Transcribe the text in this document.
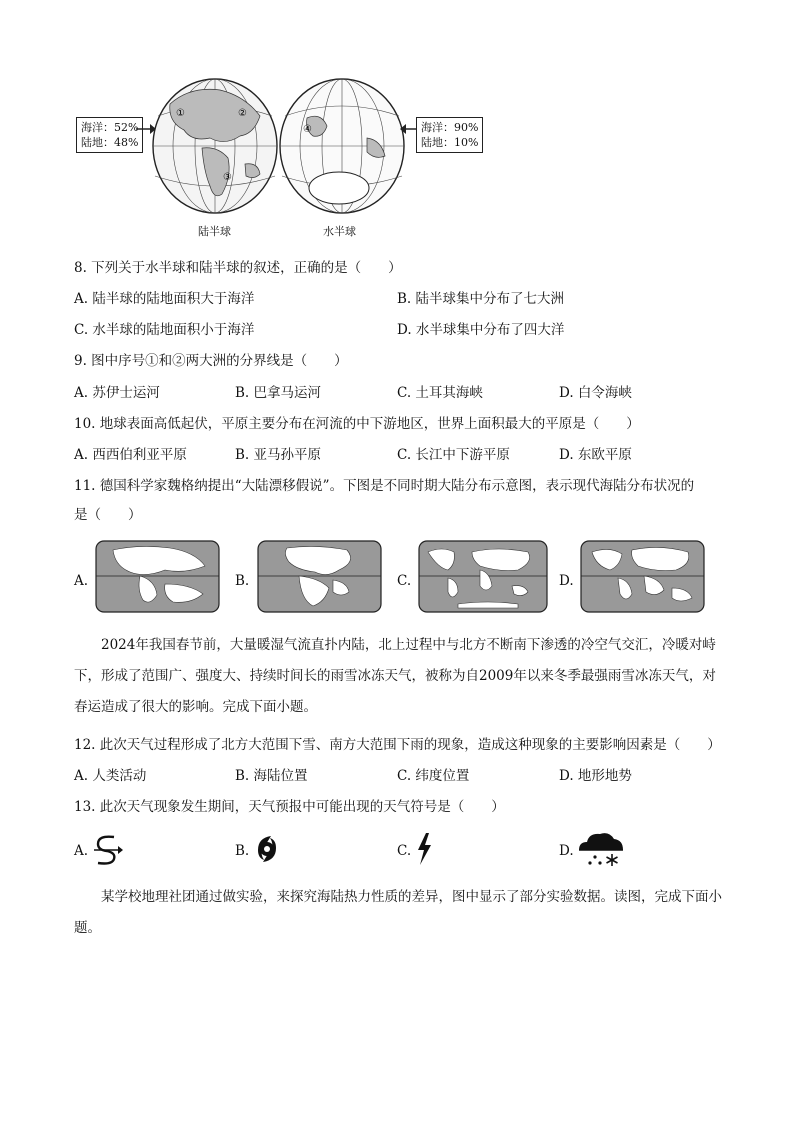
海洋：52%
陆地：48%
①	②
③
④	海洋：90%
陆地：10%
陆半球	水半球
8. 下列关于水半球和陆半球的叙述，正确的是（　　）
A. 陆半球的陆地面积大于海洋	B. 陆半球集中分布了七大洲
C. 水半球的陆地面积小于海洋	D. 水半球集中分布了四大洋
9. 图中序号①和②两大洲的分界线是（　　）
A. 苏伊士运河	B. 巴拿马运河	C. 土耳其海峡	D. 白令海峡
10. 地球表面高低起伏，平原主要分布在河流的中下游地区，世界上面积最大的平原是（　　）
A. 西西伯利亚平原	B. 亚马孙平原	C. 长江中下游平原	D. 东欧平原
11. 德国科学家魏格纳提出“大陆漂移假说”。下图是不同时期大陆分布示意图，表示现代海陆分布状况的
是（　　）
A.	B.	C.	D.
2024年我国春节前，大量暖湿气流直扑内陆，北上过程中与北方不断南下渗透的冷空气交汇，冷暖对峙下，形成了范围广、强度大、持续时间长的雨雪冰冻天气，被称为自2009年以来冬季最强雨雪冰冻天气，对春运造成了很大的影响。完成下面小题。
12. 此次天气过程形成了北方大范围下雪、南方大范围下雨的现象，造成这种现象的主要影响因素是（　　）
A. 人类活动	B. 海陆位置	C. 纬度位置	D. 地形地势
13. 此次天气现象发生期间，天气预报中可能出现的天气符号是（　　）
A.	B.	C.	D.
某学校地理社团通过做实验，来探究海陆热力性质的差异，图中显示了部分实验数据。读图，完成下面小题。
